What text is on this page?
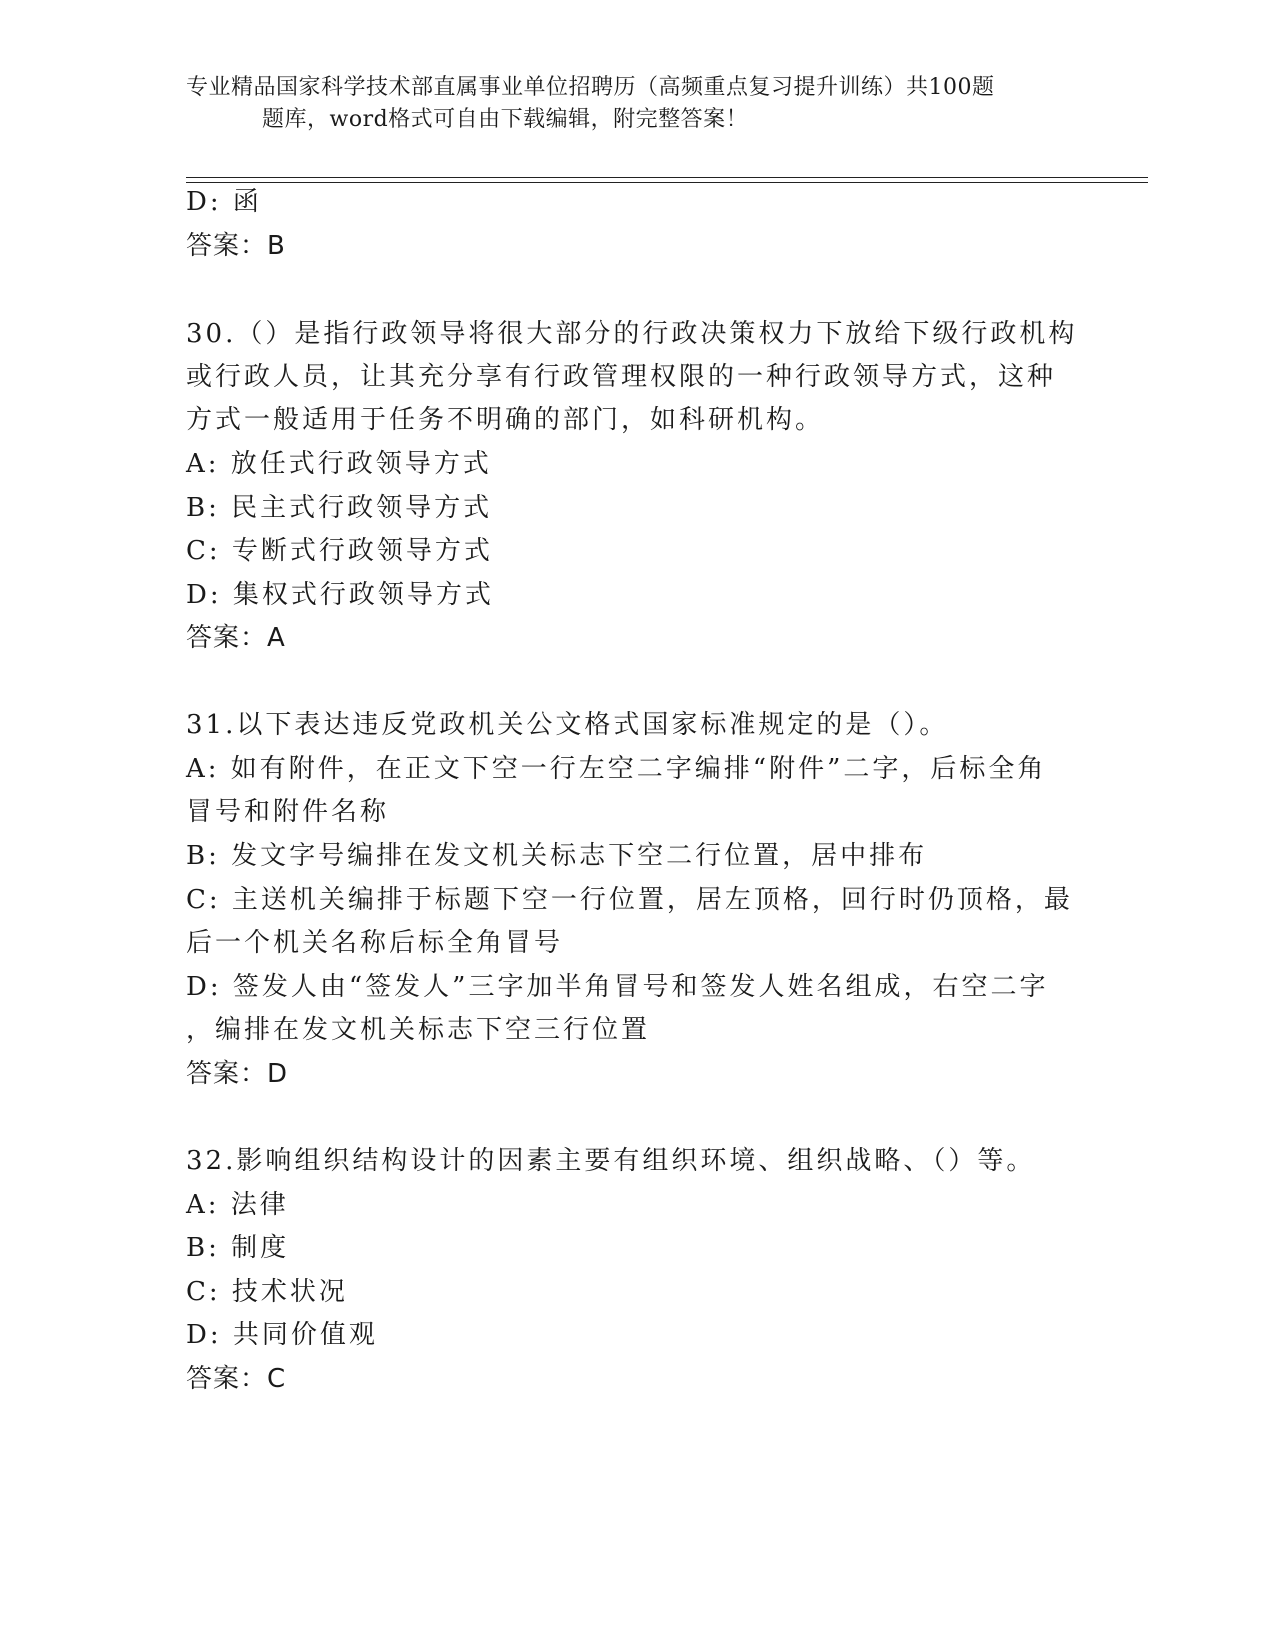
专业精品国家科学技术部直属事业单位招聘历（高频重点复习提升训练）共100题
题库，word格式可自由下载编辑，附完整答案！
D: 函
答案：B
30.（）是指行政领导将很大部分的行政决策权力下放给下级行政机构
或行政人员，让其充分享有行政管理权限的一种行政领导方式，这种
方式一般适用于任务不明确的部门，如科研机构。
A: 放任式行政领导方式
B: 民主式行政领导方式
C: 专断式行政领导方式
D: 集权式行政领导方式
答案：A
31.以下表达违反党政机关公文格式国家标准规定的是（）。
A: 如有附件，在正文下空一行左空二字编排“附件”二字，后标全角
冒号和附件名称
B: 发文字号编排在发文机关标志下空二行位置，居中排布
C: 主送机关编排于标题下空一行位置，居左顶格，回行时仍顶格，最
后一个机关名称后标全角冒号
D: 签发人由“签发人”三字加半角冒号和签发人姓名组成，右空二字
，编排在发文机关标志下空三行位置
答案：D
32.影响组织结构设计的因素主要有组织环境、组织战略、（）等。
A: 法律
B: 制度
C: 技术状况
D: 共同价值观
答案：C
